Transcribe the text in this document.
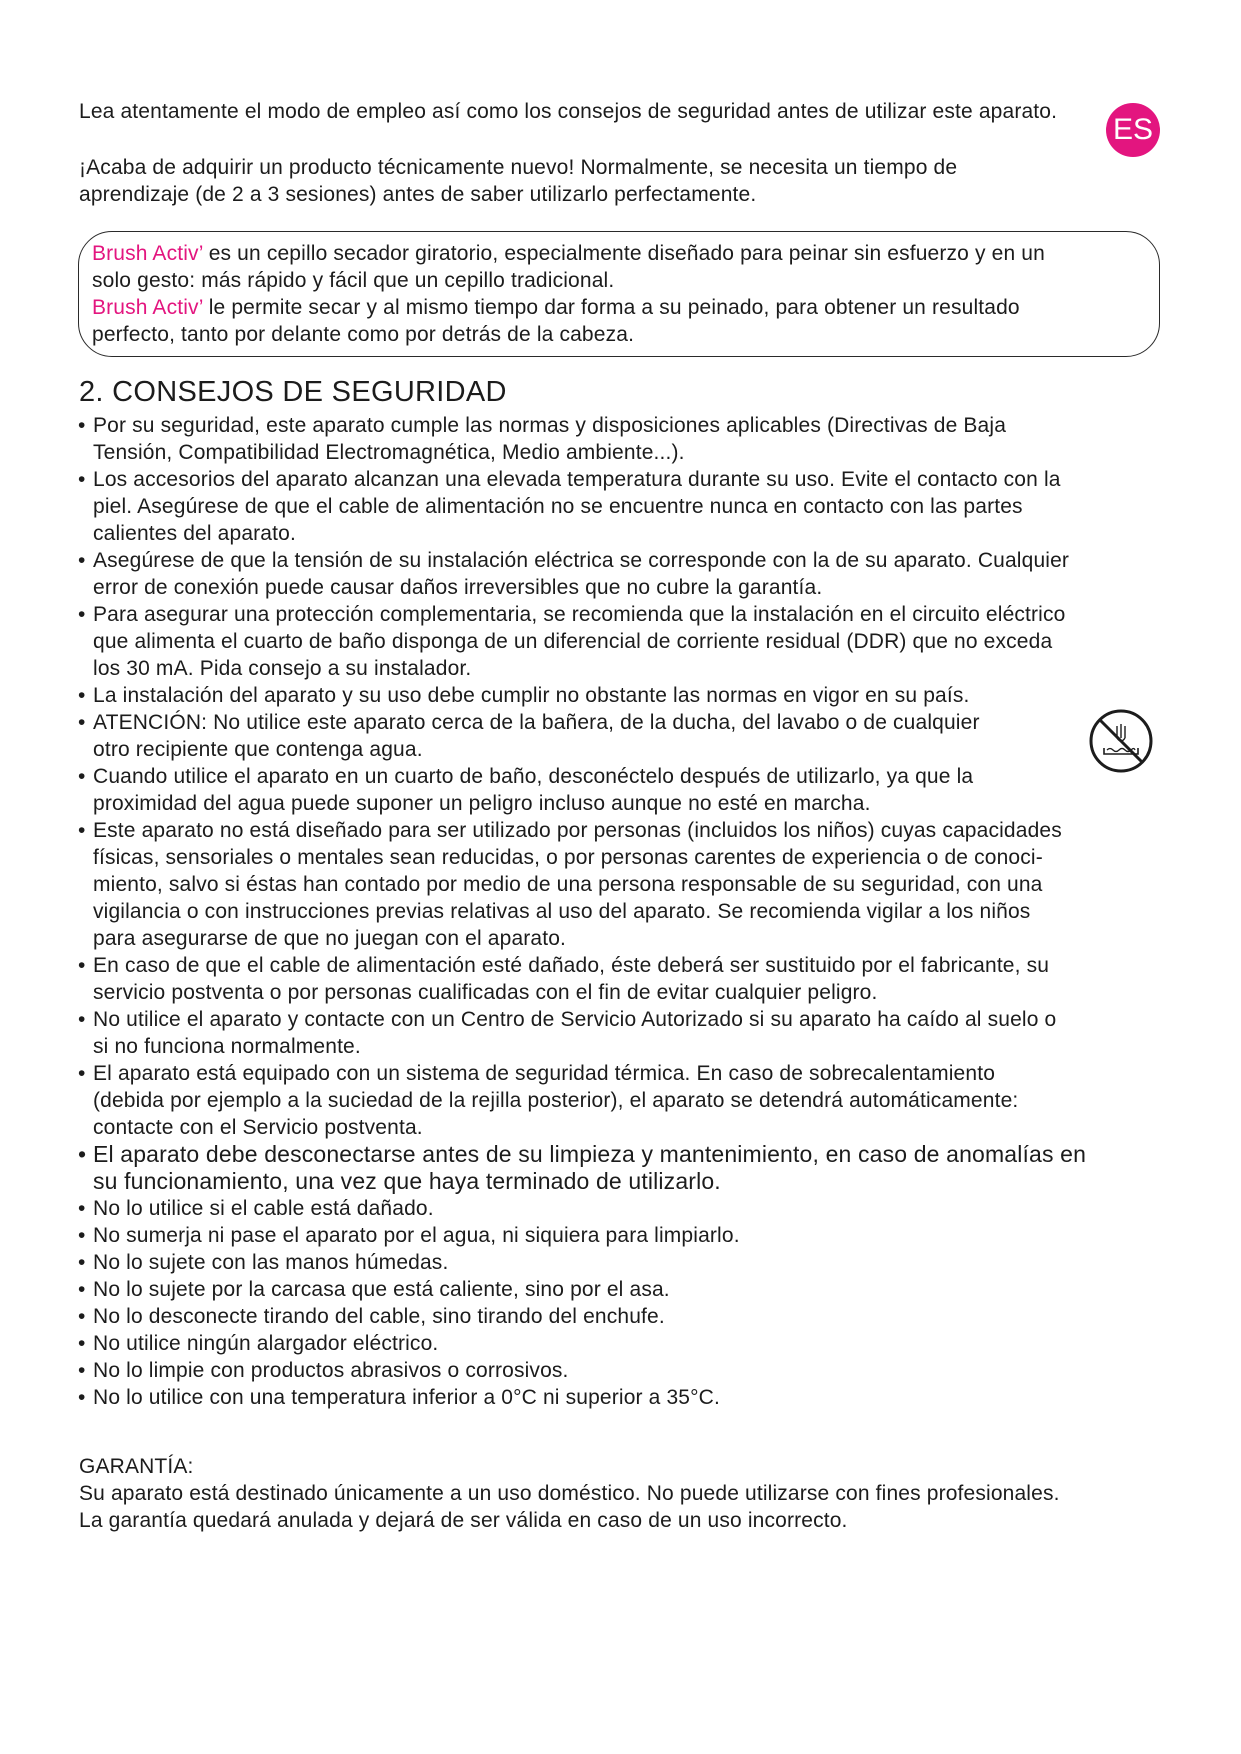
Lea atentamente el modo de empleo así como los consejos de seguridad antes de utilizar este aparato.
ES

¡Acaba de adquirir un producto técnicamente nuevo! Normalmente, se necesita un tiempo de

aprendizaje (de 2 a 3 sesiones) antes de saber utilizarlo perfectamente.

Brush Activ’ es un cepillo secador giratorio, especialmente diseñado para peinar sin esfuerzo y en un

solo gesto: más rápido y fácil que un cepillo tradicional.

Brush Activ’ le permite secar y al mismo tiempo dar forma a su peinado, para obtener un resultado

perfecto, tanto por delante como por detrás de la cabeza.

2. CONSEJOS DE SEGURIDAD
• Por su seguridad, este aparato cumple las normas y disposiciones aplicables (Directivas de Baja
Tensión, Compatibilidad Electromagnética, Medio ambiente...).
• Los accesorios del aparato alcanzan una elevada temperatura durante su uso. Evite el contacto con la
piel. Asegúrese de que el cable de alimentación no se encuentre nunca en contacto con las partes
calientes del aparato.
• Asegúrese de que la tensión de su instalación eléctrica se corresponde con la de su aparato. Cualquier
error de conexión puede causar daños irreversibles que no cubre la garantía.
• Para asegurar una protección complementaria, se recomienda que la instalación en el circuito eléctrico
que alimenta el cuarto de baño disponga de un diferencial de corriente residual (DDR) que no exceda
los 30 mA. Pida consejo a su instalador.
• La instalación del aparato y su uso debe cumplir no obstante las normas en vigor en su país.
• ATENCIÓN: No utilice este aparato cerca de la bañera, de la ducha, del lavabo o de cualquier
otro recipiente que contenga agua.
• Cuando utilice el aparato en un cuarto de baño, desconéctelo después de utilizarlo, ya que la
proximidad del agua puede suponer un peligro incluso aunque no esté en marcha.
• Este aparato no está diseñado para ser utilizado por personas (incluidos los niños) cuyas capacidades
físicas, sensoriales o mentales sean reducidas, o por personas carentes de experiencia o de conoci-
miento, salvo si éstas han contado por medio de una persona responsable de su seguridad, con una
vigilancia o con instrucciones previas relativas al uso del aparato. Se recomienda vigilar a los niños
para asegurarse de que no juegan con el aparato.
• En caso de que el cable de alimentación esté dañado, éste deberá ser sustituido por el fabricante, su
servicio postventa o por personas cualificadas con el fin de evitar cualquier peligro.
• No utilice el aparato y contacte con un Centro de Servicio Autorizado si su aparato ha caído al suelo o
si no funciona normalmente.
• El aparato está equipado con un sistema de seguridad térmica. En caso de sobrecalentamiento
(debida por ejemplo a la suciedad de la rejilla posterior), el aparato se detendrá automáticamente:
contacte con el Servicio postventa.
• El aparato debe desconectarse antes de su limpieza y mantenimiento, en caso de anomalías en
su funcionamiento, una vez que haya terminado de utilizarlo.
• No lo utilice si el cable está dañado.
• No sumerja ni pase el aparato por el agua, ni siquiera para limpiarlo.
• No lo sujete con las manos húmedas.
• No lo sujete por la carcasa que está caliente, sino por el asa.
• No lo desconecte tirando del cable, sino tirando del enchufe.
• No utilice ningún alargador eléctrico.
• No lo limpie con productos abrasivos o corrosivos.
• No lo utilice con una temperatura inferior a 0°C ni superior a 35°C.

GARANTÍA:

Su aparato está destinado únicamente a un uso doméstico. No puede utilizarse con fines profesionales.

La garantía quedará anulada y dejará de ser válida en caso de un uso incorrecto.
